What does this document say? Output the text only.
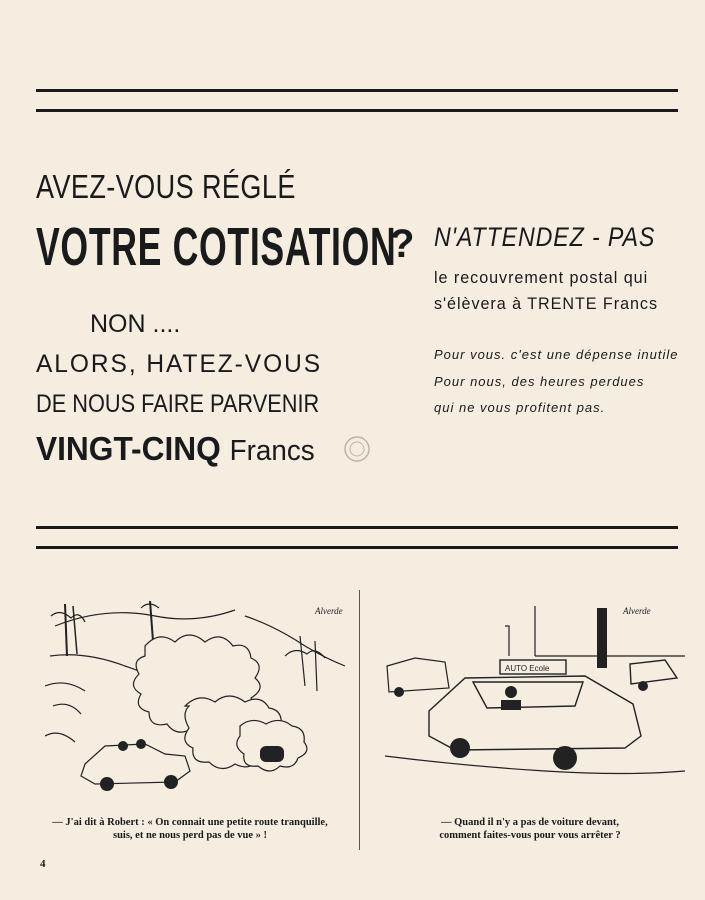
AVEZ-VOUS RÉGLÉ

VOTRE COTISATION

?

NON ....

ALORS, HATEZ-VOUS

DE NOUS FAIRE PARVENIR

VINGT-CINQ Francs

N'ATTENDEZ - PAS

le recouvrement postal qui

s'élèvera à TRENTE Francs

Pour vous. c'est une dépense inutile

Pour nous, des heures perdues

qui ne vous profitent pas.

Alverde
AUTO Ecole
Alverde
— J'ai dit à Robert : « On connait une petite route tranquille,
suis, et ne nous perd pas de vue » !
— Quand il n'y a pas de voiture devant,
comment faites-vous pour vous arrêter ?
4
